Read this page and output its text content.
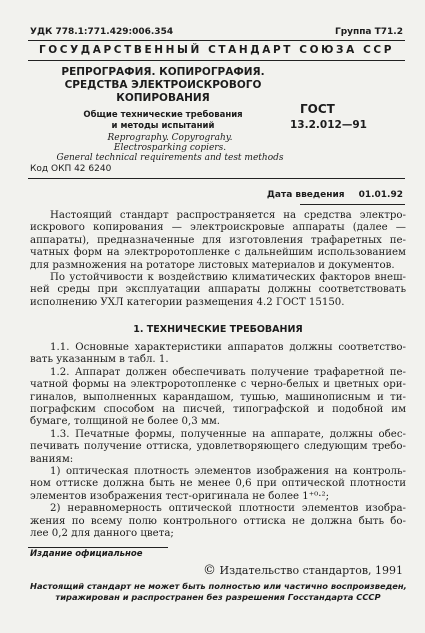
УДК 778.1:771.429:006.354	Группа Т71.2
ГОСУДАРСТВЕННЫЙ СТАНДАРТ СОЮЗА ССР
РЕПРОГРАФИЯ. КОПИРОГРАФИЯ.
СРЕДСТВА ЭЛЕКТРОИСКРОВОГО
КОПИРОВАНИЯ
Общие технические требования
и методы испытаний
ГОСТ
13.2.012—91
Reprography. Copyrograhy.
Electrosparking copiers.
General technical requirements and test methods
Код ОКП 42 6240
Дата введения 01.01.92
Настоящий стандарт распространяется на средства электро-
искрового копирования — электроискровые аппараты (далее —
аппараты), предназначенные для изготовления трафаретных пе-
чатных форм на электроротопленке с дальнейшим использованием
для размножения на ротаторе листовых материалов и документов.
По устойчивости к воздействию климатических факторов внеш-
ней среды при эксплуатации аппараты должны соответствовать
исполнению УХЛ категории размещения 4.2 ГОСТ 15150.
1. ТЕХНИЧЕСКИЕ ТРЕБОВАНИЯ
1.1. Основные характеристики аппаратов должны соответство-
вать указанным в табл. 1.
1.2. Аппарат должен обеспечивать получение трафаретной пе-
чатной формы на электроротопленке с черно-белых и цветных ори-
гиналов, выполненных карандашом, тушью, машинописным и ти-
пографским способом на писчей, типографской и подобной им
бумаге, толщиной не более 0,3 мм.
1.3. Печатные формы, полученные на аппарате, должны обес-
печивать получение оттиска, удовлетворяющего следующим требо-
ваниям:
1) оптическая плотность элементов изображения на контроль-
ном оттиске должна быть не менее 0,6 при оптической плотности
элементов изображения тест-оригинала не более 1⁺⁰·²;
2) неравномерность оптической плотности элементов изобра-
жения по всему полю контрольного оттиска не должна быть бо-
лее 0,2 для данного цвета;
Издание официальное
© Издательство стандартов, 1991
Настоящий стандарт не может быть полностью или частично воспроизведен,
тиражирован и распространен без разрешения Госстандарта СССР
